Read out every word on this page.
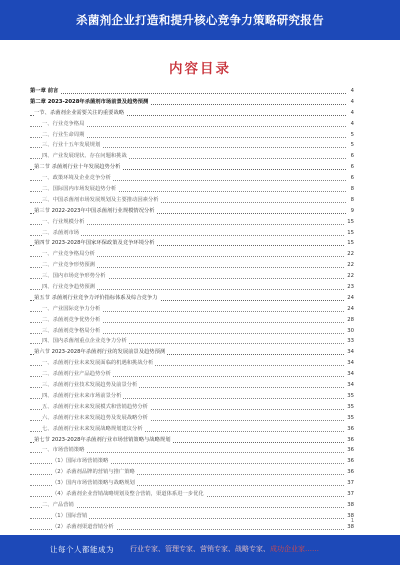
杀菌剂企业打造和提升核心竞争力策略研究报告
内容目录
第一章 前言	4
第二章 2023-2028年杀菌剂市场前景及趋势预测	4
一节、杀菌剂企业需要关注的重要战略	4
一、行业竞争格局	4
二、行业生命周期	5
三、行业十五年发展规划	5
四、产业发展现状、存在问题和挑战	6
第二节 杀菌剂行业十年发展趋势分析	6
一、政策环境及企业竞争分析	6
二、国际国内市场发展趋势分析	8
三、中国杀菌剂市场发展规划及主要推动因素分析	8
第三节 2022-2023年中国杀菌剂行业规模情况分析	9
一、行业规模分析	15
二、杀菌剂市场	15
第四节 2023-2028年国家环保政策及竞争环境分析	15
一、产业竞争格局分析	22
二、产业竞争形势预测	22
三、国内市场竞争形势分析	22
四、行业竞争趋势预测	23
第五节 杀菌剂行业竞争力评价指标体系及综合竞争力	24
一、产业国际竞争力分析	24
二、杀菌剂竞争优势分析	28
三、杀菌剂竞争格局分析	30
四、国内杀菌剂重点企业竞争力分析	33
第六节 2023-2028年杀菌剂行业的发展前景及趋势预测	34
一、杀菌剂行业未来发展面临的机遇和挑战分析	34
二、杀菌剂行业产品趋势分析	34
三、杀菌剂行业技术发展趋势及前景分析	34
四、杀菌剂行业未来市场前景分析	35
五、杀菌剂行业未来发展模式和营销趋势分析	35
六、杀菌剂行业未来发展趋势及发展战略分析	35
七、杀菌剂行业未来发展战略规划建议分析	36
第七节 2023-2028年杀菌剂行业市场营销策略与战略规划	36
一、市场营销策略	36
（1）国际市场营销策略	36
（2）杀菌剂品牌的营销与推广策略	36
（3）国内市场营销策略与战略规划	37
（4）杀菌剂企业营销战略规划及整合营销，渠道体系进一步优化	37
二、产品营销	38
（1）国际营销	38
（2）杀菌剂渠道营销分析	38
1
让每个人都能成为 行业专家、管理专家、营销专家、战略专家、成功企业家……
